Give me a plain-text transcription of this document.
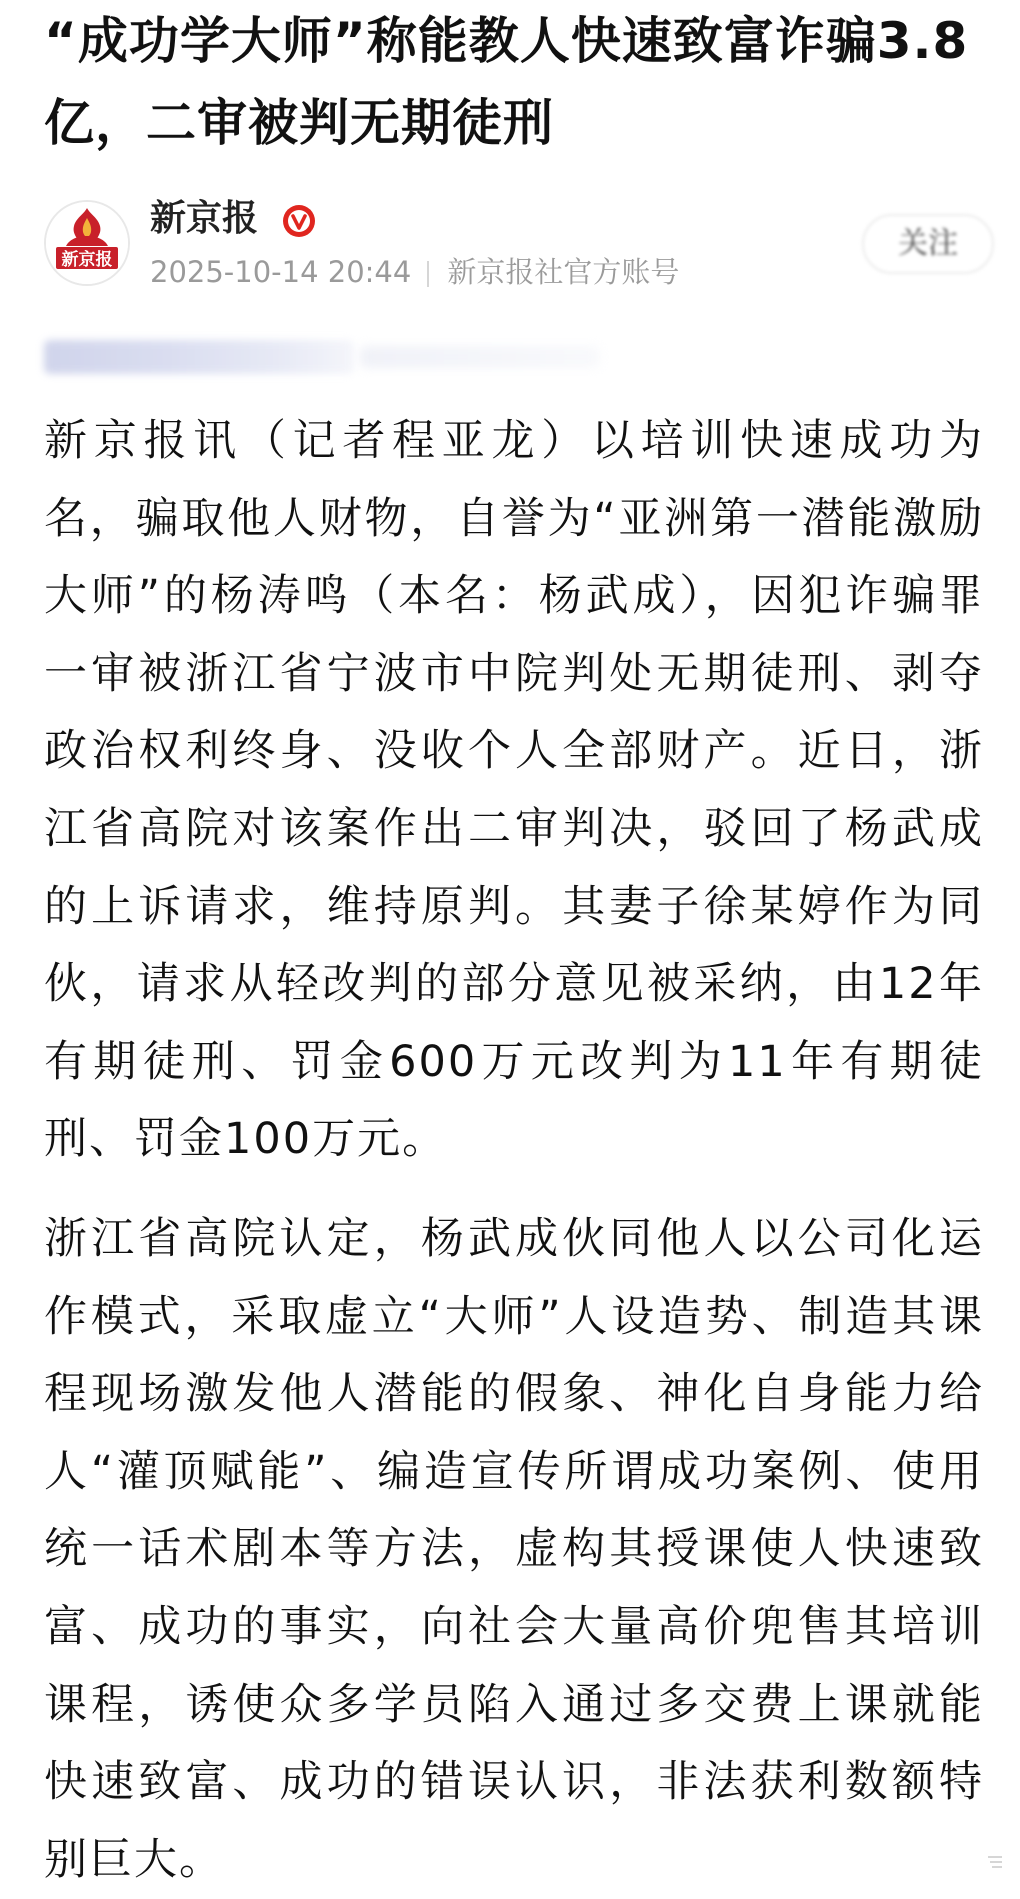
“成功学大师”称能教人快速致富诈骗3.8亿，二审被判无期徒刑
新京报
新京报
2025-10-14 20:44 新京报社官方账号
关注

新京报讯（记者程亚龙）以培训快速成功为名，骗取他人财物，自誉为“亚洲第一潜能激励大师”的杨涛鸣（本名：杨武成），因犯诈骗罪一审被浙江省宁波市中院判处无期徒刑、剥夺政治权利终身、没收个人全部财产。近日，浙江省高院对该案作出二审判决，驳回了杨武成的上诉请求，维持原判。其妻子徐某婷作为同伙，请求从轻改判的部分意见被采纳，由12年有期徒刑、罚金600万元改判为11年有期徒刑、罚金100万元。

浙江省高院认定，杨武成伙同他人以公司化运作模式，采取虚立“大师”人设造势、制造其课程现场激发他人潜能的假象、神化自身能力给人“灌顶赋能”、编造宣传所谓成功案例、使用统一话术剧本等方法，虚构其授课使人快速致富、成功的事实，向社会大量高价兜售其培训课程，诱使众多学员陷入通过多交费上课就能快速致富、成功的错误认识，非法获利数额特别巨大。
